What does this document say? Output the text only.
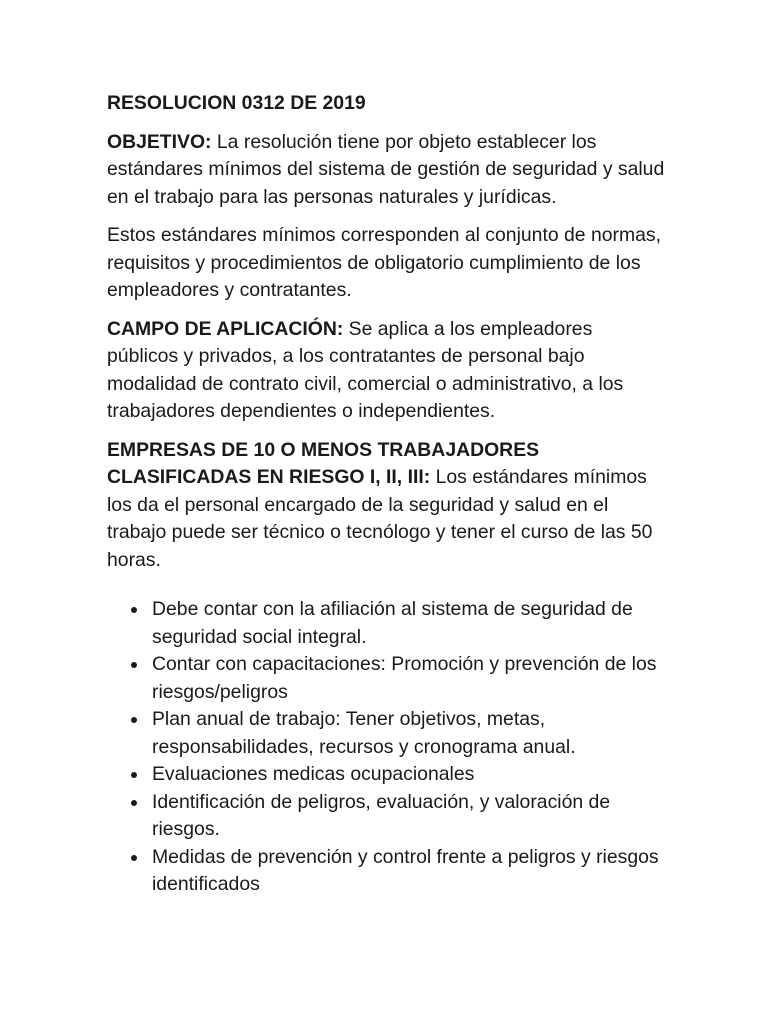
RESOLUCION 0312 DE 2019

OBJETIVO: La resolución tiene por objeto establecer los estándares mínimos del sistema de gestión de seguridad y salud en el trabajo para las personas naturales y jurídicas.

Estos estándares mínimos corresponden al conjunto de normas, requisitos y procedimientos de obligatorio cumplimiento de los empleadores y contratantes.

CAMPO DE APLICACIÓN: Se aplica a los empleadores públicos y privados, a los contratantes de personal bajo modalidad de contrato civil, comercial o administrativo, a los trabajadores dependientes o independientes.

EMPRESAS DE 10 O MENOS TRABAJADORES CLASIFICADAS EN RIESGO I, II, III: Los estándares mínimos los da el personal encargado de la seguridad y salud en el trabajo puede ser técnico o tecnólogo y tener el curso de las 50 horas.

Debe contar con la afiliación al sistema de seguridad de seguridad social integral.
Contar con capacitaciones: Promoción y prevención de los riesgos/peligros
Plan anual de trabajo: Tener objetivos, metas, responsabilidades, recursos y cronograma anual.
Evaluaciones medicas ocupacionales
Identificación de peligros, evaluación, y valoración de riesgos.
Medidas de prevención y control frente a peligros y riesgos identificados
